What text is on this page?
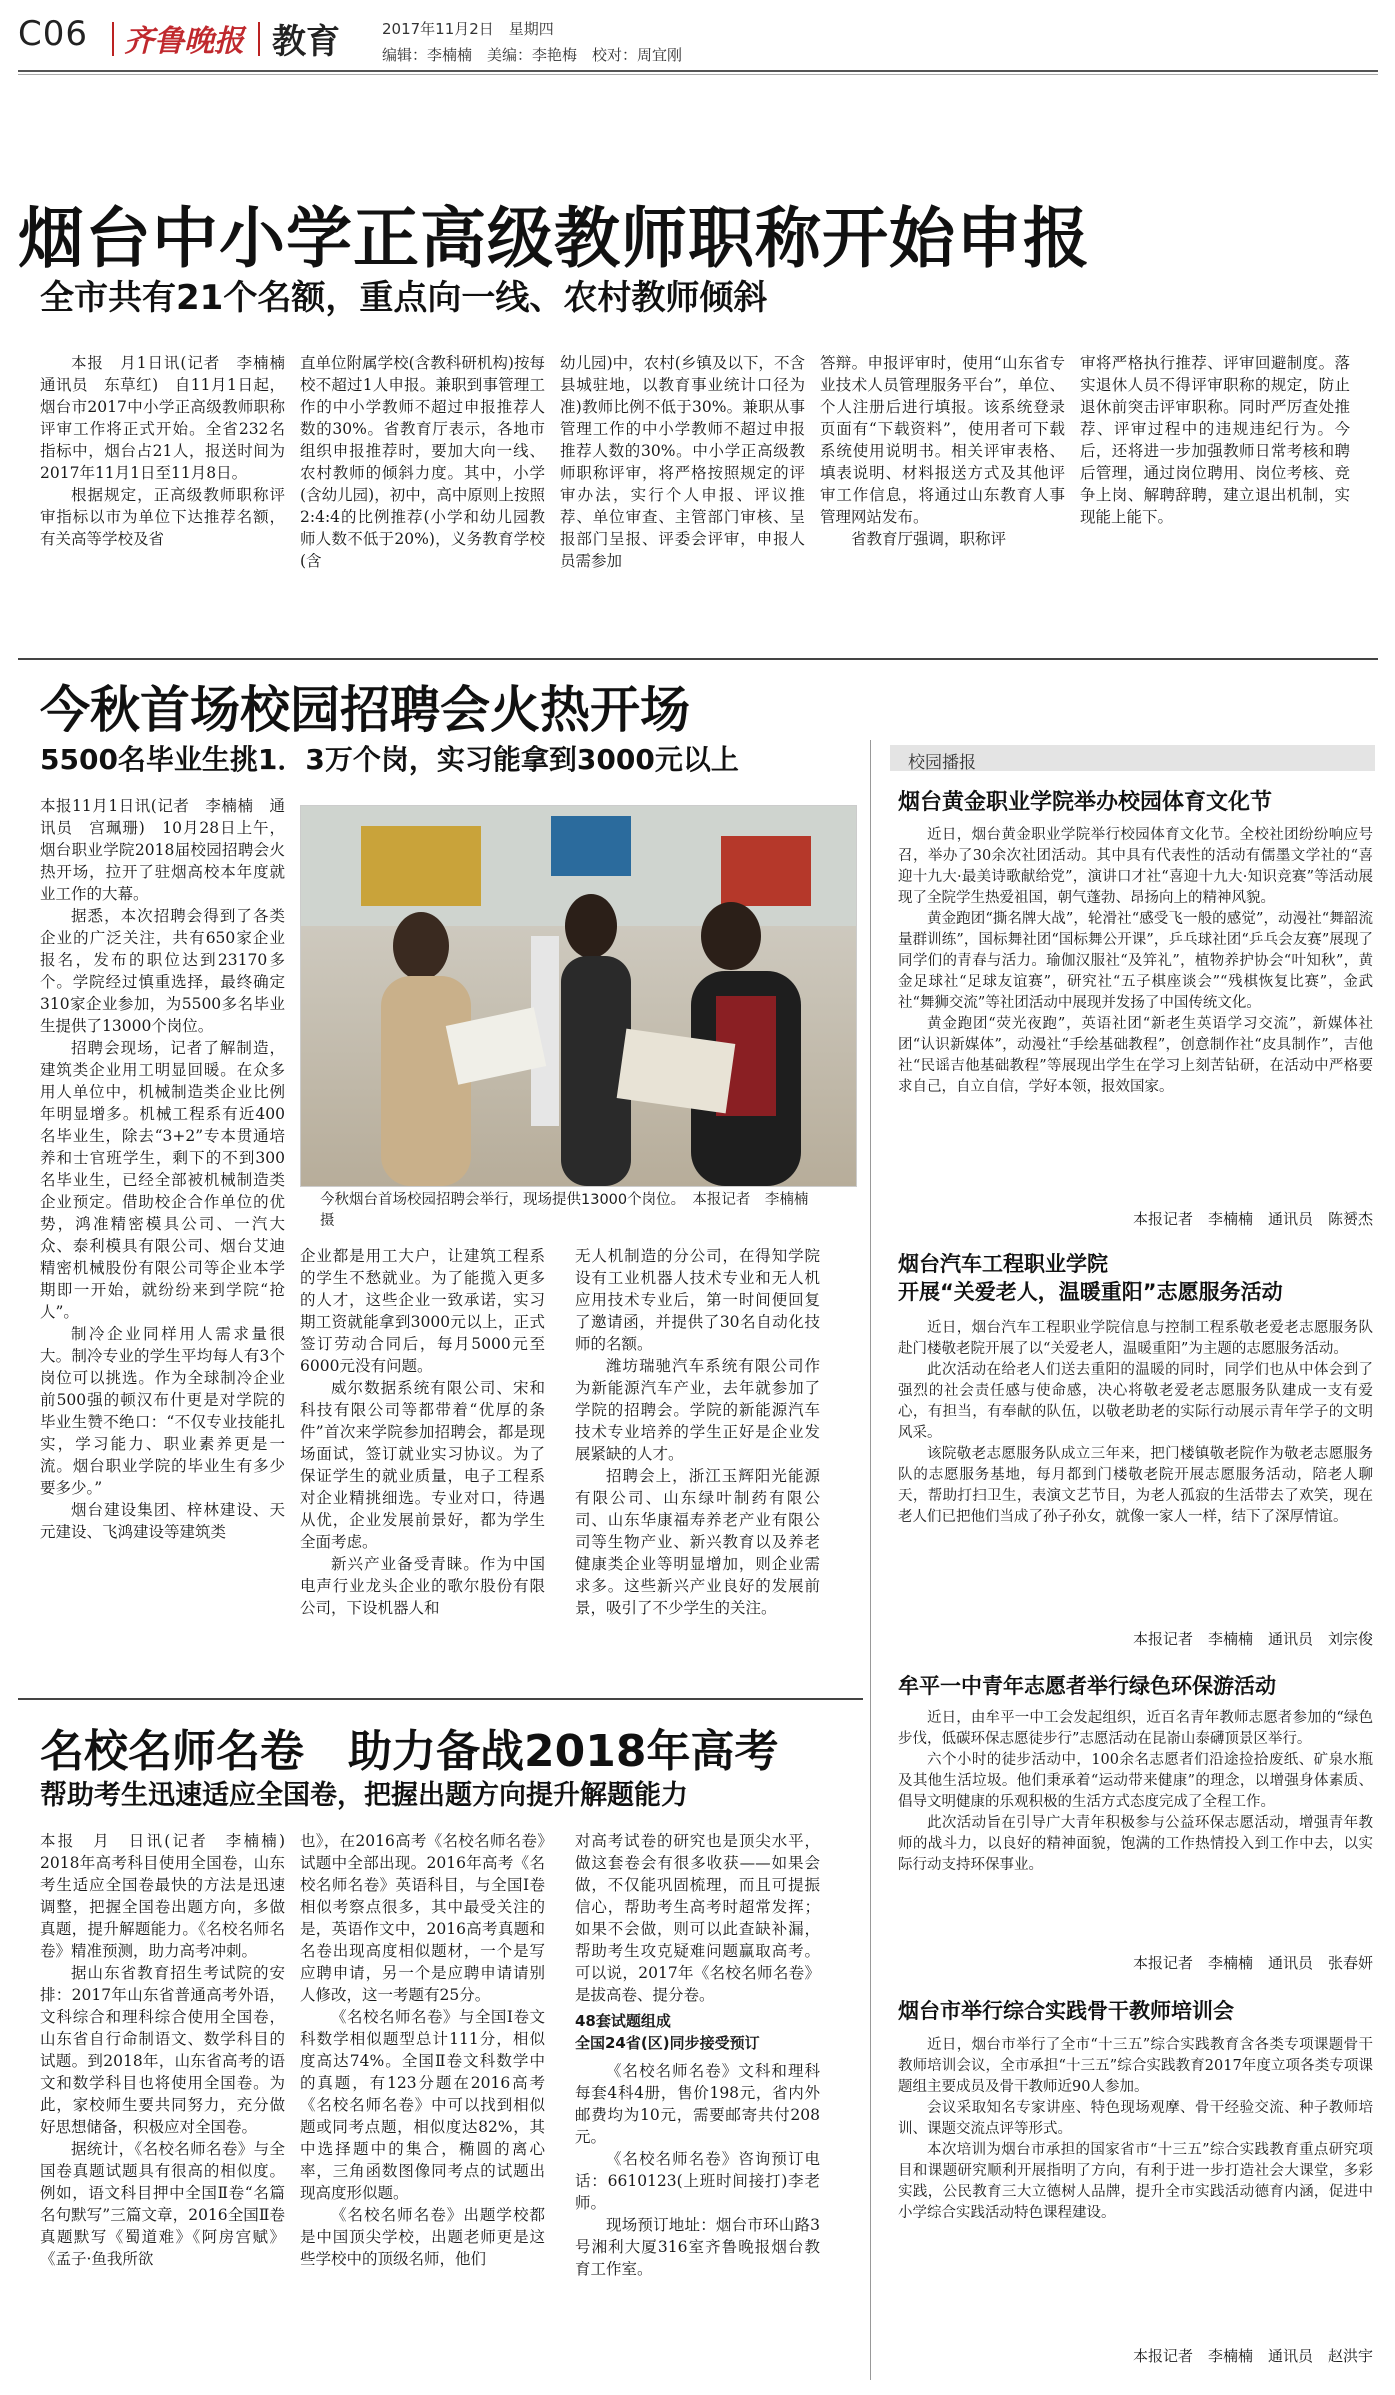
C06 齐鲁晚报 教育	2017年11月2日　星期四
编辑：李楠楠　美编：李艳梅　校对：周宜刚
烟台中小学正高级教师职称开始申报
全市共有21个名额，重点向一线、农村教师倾斜

本报　月1日讯(记者　李楠楠　通讯员　东草红)　自11月1日起，烟台市2017中小学正高级教师职称评审工作将正式开始。全省232名指标中，烟台占21人，报送时间为2017年11月1日至11月8日。

根据规定，正高级教师职称评审指标以市为单位下达推荐名额，有关高等学校及省

直单位附属学校(含教科研机构)按每校不超过1人申报。兼职到事管理工作的中小学教师不超过申报推荐人数的30%。省教育厅表示，各地市组织申报推荐时，要加大向一线、农村教师的倾斜力度。其中，小学(含幼儿园)，初中，高中原则上按照2:4:4的比例推荐(小学和幼儿园教师人数不低于20%)，义务教育学校(含

幼儿园)中，农村(乡镇及以下，不含县城驻地，以教育事业统计口径为准)教师比例不低于30%。兼职从事管理工作的中小学教师不超过申报推荐人数的30%。中小学正高级教师职称评审，将严格按照规定的评审办法，实行个人申报、评议推荐、单位审查、主管部门审核、呈报部门呈报、评委会评审，申报人员需参加

答辩。申报评审时，使用“山东省专业技术人员管理服务平台”，单位、个人注册后进行填报。该系统登录页面有“下载资料”，使用者可下载系统使用说明书。相关评审表格、填表说明、材料报送方式及其他评审工作信息，将通过山东教育人事管理网站发布。

省教育厅强调，职称评

审将严格执行推荐、评审回避制度。落实退休人员不得评审职称的规定，防止退休前突击评审职称。同时严厉查处推荐、评审过程中的违规违纪行为。今后，还将进一步加强教师日常考核和聘后管理，通过岗位聘用、岗位考核、竞争上岗、解聘辞聘，建立退出机制，实现能上能下。

今秋首场校园招聘会火热开场
5500名毕业生挑1．3万个岗，实习能拿到3000元以上

本报11月1日讯(记者　李楠楠　通讯员　宫珮珊)　10月28日上午，烟台职业学院2018届校园招聘会火热开场，拉开了驻烟高校本年度就业工作的大幕。

据悉，本次招聘会得到了各类企业的广泛关注，共有650家企业报名，发布的职位达到23170多个。学院经过慎重选择，最终确定310家企业参加，为5500多名毕业生提供了13000个岗位。

招聘会现场，记者了解制造，建筑类企业用工明显回暖。在众多用人单位中，机械制造类企业比例年明显增多。机械工程系有近400名毕业生，除去“3+2”专本贯通培养和士官班学生，剩下的不到300名毕业生，已经全部被机械制造类企业预定。借助校企合作单位的优势，鸿准精密模具公司、一汽大众、泰利模具有限公司、烟台艾迪精密机械股份有限公司等企业本学期即一开始，就纷纷来到学院“抢人”。

制冷企业同样用人需求量很大。制冷专业的学生平均每人有3个岗位可以挑选。作为全球制冷企业前500强的顿汉布什更是对学院的毕业生赞不绝口：“不仅专业技能扎实，学习能力、职业素养更是一流。烟台职业学院的毕业生有多少要多少。”

烟台建设集团、梓林建设、天元建设、飞鸿建设等建筑类

今秋烟台首场校园招聘会举行，现场提供13000个岗位。　本报记者　李楠楠　摄

企业都是用工大户，让建筑工程系的学生不愁就业。为了能揽入更多的人才，这些企业一致承诺，实习期工资就能拿到3000元以上，正式签订劳动合同后，每月5000元至6000元没有问题。

威尔数据系统有限公司、宋和科技有限公司等都带着“优厚的条件”首次来学院参加招聘会，都是现场面试，签订就业实习协议。为了保证学生的就业质量，电子工程系对企业精挑细选。专业对口，待遇从优，企业发展前景好，都为学生全面考虑。

新兴产业备受青睐。作为中国电声行业龙头企业的歌尔股份有限公司，下设机器人和

无人机制造的分公司，在得知学院设有工业机器人技术专业和无人机应用技术专业后，第一时间便回复了邀请函，并提供了30名自动化技师的名额。

潍坊瑞驰汽车系统有限公司作为新能源汽车产业，去年就参加了学院的招聘会。学院的新能源汽车技术专业培养的学生正好是企业发展紧缺的人才。

招聘会上，浙江玉辉阳光能源有限公司、山东绿叶制药有限公司、山东华康福寿养老产业有限公司等生物产业、新兴教育以及养老健康类企业等明显增加，则企业需求多。这些新兴产业良好的发展前景，吸引了不少学生的关注。

名校名师名卷　助力备战2018年高考
帮助考生迅速适应全国卷，把握出题方向提升解题能力

本报　月　日讯(记者　李楠楠)　2018年高考科目使用全国卷，山东考生适应全国卷最快的方法是迅速调整，把握全国卷出题方向，多做真题，提升解题能力。《名校名师名卷》精准预测，助力高考冲刺。

据山东省教育招生考试院的安排：2017年山东省普通高考外语，文科综合和理科综合使用全国卷，山东省自行命制语文、数学科目的试题。到2018年，山东省高考的语文和数学科目也将使用全国卷。为此，家校师生要共同努力，充分做好思想储备，积极应对全国卷。

据统计，《名校名师名卷》与全国卷真题试题具有很高的相似度。例如，语文科目押中全国Ⅱ卷“名篇名句默写”三篇文章，2016全国Ⅱ卷真题默写《蜀道难》《阿房宫赋》《孟子·鱼我所欲

也》，在2016高考《名校名师名卷》试题中全部出现。2016年高考《名校名师名卷》英语科目，与全国Ⅰ卷相似考察点很多，其中最受关注的是，英语作文中，2016高考真题和名卷出现高度相似题材，一个是写应聘申请，另一个是应聘申请请别人修改，这一考题有25分。

《名校名师名卷》与全国Ⅰ卷文科数学相似题型总计111分，相似度高达74%。全国Ⅱ卷文科数学中的真题，有123分题在2016高考《名校名师名卷》中可以找到相似题或同考点题，相似度达82%，其中选择题中的集合，椭圆的离心率，三角函数图像同考点的试题出现高度形似题。

《名校名师名卷》出题学校都是中国顶尖学校，出题老师更是这些学校中的顶级名师，他们

对高考试卷的研究也是顶尖水平，做这套卷会有很多收获——如果会做，不仅能巩固梳理，而且可提振信心，帮助考生高考时超常发挥；如果不会做，则可以此查缺补漏，帮助考生攻克疑难问题赢取高考。可以说，2017年《名校名师名卷》是拔高卷、提分卷。

48套试题组成
全国24省(区)同步接受预订

《名校名师名卷》文科和理科每套4科4册，售价198元，省内外邮费均为10元，需要邮寄共付208元。

《名校名师名卷》咨询预订电话：6610123(上班时间接打)李老师。

现场预订地址：烟台市环山路3号湘利大厦316室齐鲁晚报烟台教育工作室。

校园播报
烟台黄金职业学院举办校园体育文化节

近日，烟台黄金职业学院举行校园体育文化节。全校社团纷纷响应号召，举办了30余次社团活动。其中具有代表性的活动有儒墨文学社的“喜迎十九大·最美诗歌献给党”，演讲口才社“喜迎十九大·知识竞赛”等活动展现了全院学生热爱祖国，朝气蓬勃、昂扬向上的精神风貌。

黄金跑团“撕名牌大战”，轮滑社“感受飞一般的感觉”，动漫社“舞韶流量群训练”，国标舞社团“国标舞公开课”，乒乓球社团“乒乓会友赛”展现了同学们的青春与活力。瑜伽汉服社“及笄礼”，植物养护协会“叶知秋”，黄金足球社“足球友谊赛”，研究社“五子棋座谈会”“残棋恢复比赛”，金武社“舞狮交流”等社团活动中展现并发扬了中国传统文化。

黄金跑团“荧光夜跑”，英语社团“新老生英语学习交流”，新媒体社团“认识新媒体”，动漫社“手绘基础教程”，创意制作社“皮具制作”，吉他社“民谣吉他基础教程”等展现出学生在学习上刻苦钻研，在活动中严格要求自己，自立自信，学好本领，报效国家。

本报记者　李楠楠　通讯员　陈赟杰
烟台汽车工程职业学院
开展“关爱老人，温暖重阳”志愿服务活动

近日，烟台汽车工程职业学院信息与控制工程系敬老爱老志愿服务队赴门楼敬老院开展了以“关爱老人，温暖重阳”为主题的志愿服务活动。

此次活动在给老人们送去重阳的温暖的同时，同学们也从中体会到了强烈的社会责任感与使命感，决心将敬老爱老志愿服务队建成一支有爱心，有担当，有奉献的队伍，以敬老助老的实际行动展示青年学子的文明风采。

该院敬老志愿服务队成立三年来，把门楼镇敬老院作为敬老志愿服务队的志愿服务基地，每月都到门楼敬老院开展志愿服务活动，陪老人聊天，帮助打扫卫生，表演文艺节目，为老人孤寂的生活带去了欢笑，现在老人们已把他们当成了孙子孙女，就像一家人一样，结下了深厚情谊。

本报记者　李楠楠　通讯员　刘宗俊
牟平一中青年志愿者举行绿色环保游活动

近日，由牟平一中工会发起组织，近百名青年教师志愿者参加的“绿色步伐，低碳环保志愿徒步行”志愿活动在昆嵛山泰礴顶景区举行。

六个小时的徒步活动中，100余名志愿者们沿途捡拾废纸、矿泉水瓶及其他生活垃圾。他们秉承着“运动带来健康”的理念，以增强身体素质、倡导文明健康的乐观积极的生活方式态度完成了全程工作。

此次活动旨在引导广大青年积极参与公益环保志愿活动，增强青年教师的战斗力，以良好的精神面貌，饱满的工作热情投入到工作中去，以实际行动支持环保事业。

本报记者　李楠楠　通讯员　张春妍
烟台市举行综合实践骨干教师培训会

近日，烟台市举行了全市“十三五”综合实践教育含各类专项课题骨干教师培训会议，全市承担“十三五”综合实践教育2017年度立项各类专项课题组主要成员及骨干教师近90人参加。

会议采取知名专家讲座、特色现场观摩、骨干经验交流、种子教师培训、课题交流点评等形式。

本次培训为烟台市承担的国家省市“十三五”综合实践教育重点研究项目和课题研究顺利开展指明了方向，有利于进一步打造社会大课堂，多彩实践，公民教育三大立德树人品牌，提升全市实践活动德育内涵，促进中小学综合实践活动特色课程建设。

本报记者　李楠楠　通讯员　赵洪宇
